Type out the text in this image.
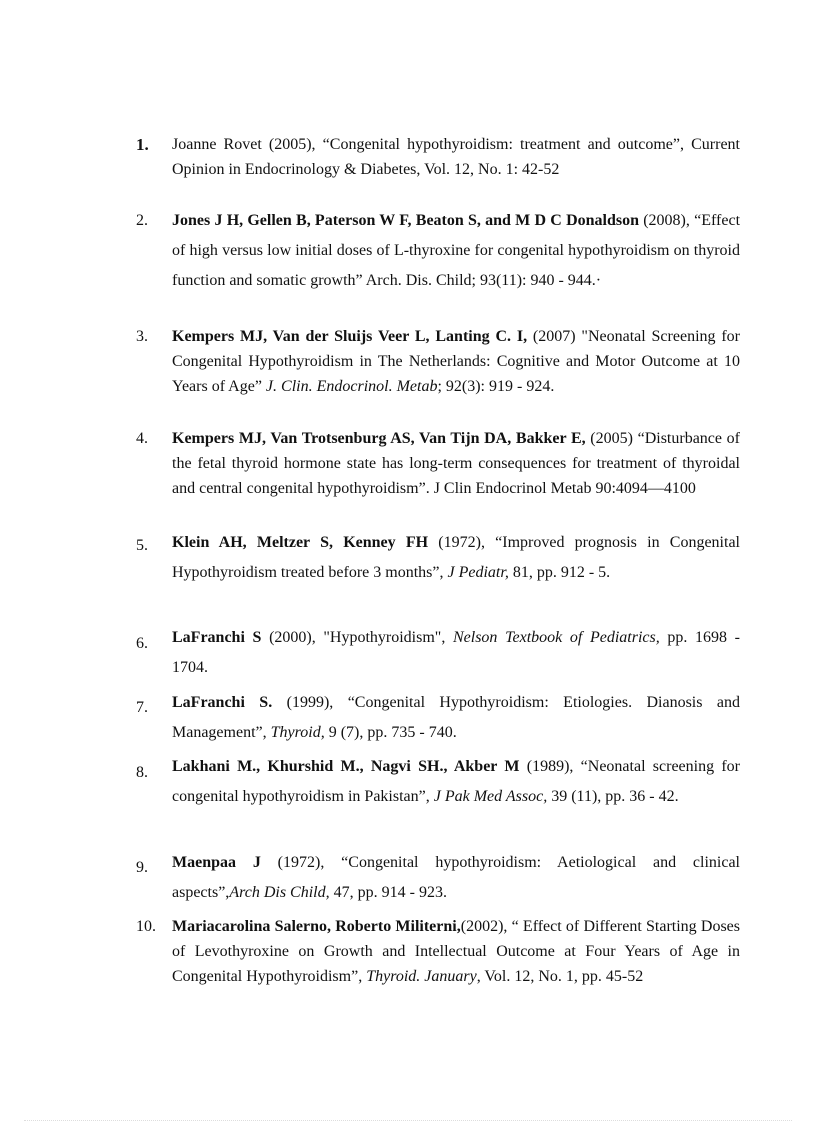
1.	Joanne Rovet (2005), “Congenital hypothyroidism: treatment and outcome”, Current Opinion in Endocrinology & Diabetes, Vol. 12, No. 1: 42-52
2.	Jones J H, Gellen B, Paterson W F, Beaton S, and M D C Donaldson (2008), “Effect of high versus low initial doses of L-thyroxine for congenital hypothyroidism on thyroid function and somatic growth” Arch. Dis. Child; 93(11): 940 - 944.·
3.	Kempers MJ, Van der Sluijs Veer L, Lanting C. I, (2007) "Neonatal Screening for Congenital Hypothyroidism in The Netherlands: Cognitive and Motor Outcome at 10 Years of Age” J. Clin. Endocrinol. Metab; 92(3): 919 - 924.
4.	Kempers MJ, Van Trotsenburg AS, Van Tijn DA, Bakker E, (2005) “Disturbance of the fetal thyroid hormone state has long-term consequences for treatment of thyroidal and central congenital hypothyroidism”. J Clin Endocrinol Metab 90:4094—4100
5.	Klein AH, Meltzer S, Kenney FH (1972), “Improved prognosis in Congenital Hypothyroidism treated before 3 months”, J Pediatr, 81, pp. 912 - 5.
6.	LaFranchi S (2000), "Hypothyroidism", Nelson Textbook of Pediatrics, pp. 1698 - 1704.
7.	LaFranchi S. (1999), “Congenital Hypothyroidism: Etiologies. Dianosis and Management”, Thyroid, 9 (7), pp. 735 - 740.
8.	Lakhani M., Khurshid M., Nagvi SH., Akber M (1989), “Neonatal screening for congenital hypothyroidism in Pakistan”, J Pak Med Assoc, 39 (11), pp. 36 - 42.
9.	Maenpaa J (1972), “Congenital hypothyroidism: Aetiological and clinical aspects”,Arch Dis Child, 47, pp. 914 - 923.
10.	Mariacarolina Salerno, Roberto Militerni,(2002), “ Effect of Different Starting Doses of Levothyroxine on Growth and Intellectual Outcome at Four Years of Age in Congenital Hypothyroidism”, Thyroid. January, Vol. 12, No. 1, pp. 45-52
